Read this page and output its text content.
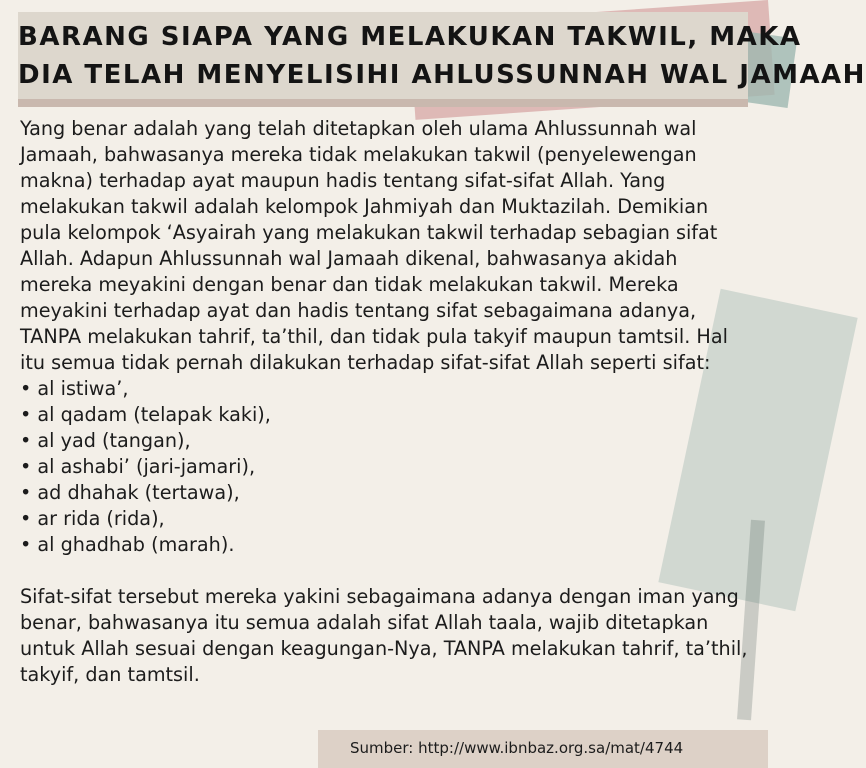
BARANG SIAPA YANG MELAKUKAN TAKWIL, MAKA
DIA TELAH MENYELISIHI AHLUSSUNNAH WAL JAMAAH

Yang benar adalah yang telah ditetapkan oleh ulama Ahlussunnah wal Jamaah, bahwasanya mereka tidak melakukan takwil (penyelewengan makna) terhadap ayat maupun hadis tentang sifat-sifat Allah. Yang melakukan takwil adalah kelompok Jahmiyah dan Muktazilah. Demikian pula kelompok ‘Asyairah yang melakukan takwil terhadap sebagian sifat Allah. Adapun Ahlussunnah wal Jamaah dikenal, bahwasanya akidah mereka meyakini dengan benar dan tidak melakukan takwil. Mereka meyakini terhadap ayat dan hadis tentang sifat sebagaimana adanya, TANPA melakukan tahrif, ta’thil, dan tidak pula takyif maupun tamtsil. Hal itu semua tidak pernah dilakukan terhadap sifat-sifat Allah seperti sifat:

• al istiwa’,
• al qadam (telapak kaki),
• al yad (tangan),
• al ashabi’ (jari-jamari),
• ad dhahak (tertawa),
• ar rida (rida),
• al ghadhab (marah).

Sifat-sifat tersebut mereka yakini sebagaimana adanya dengan iman yang benar, bahwasanya itu semua adalah sifat Allah taala, wajib ditetapkan untuk Allah sesuai dengan keagungan-Nya, TANPA melakukan tahrif, ta’thil, takyif, dan tamtsil.

Sumber: http://www.ibnbaz.org.sa/mat/4744
